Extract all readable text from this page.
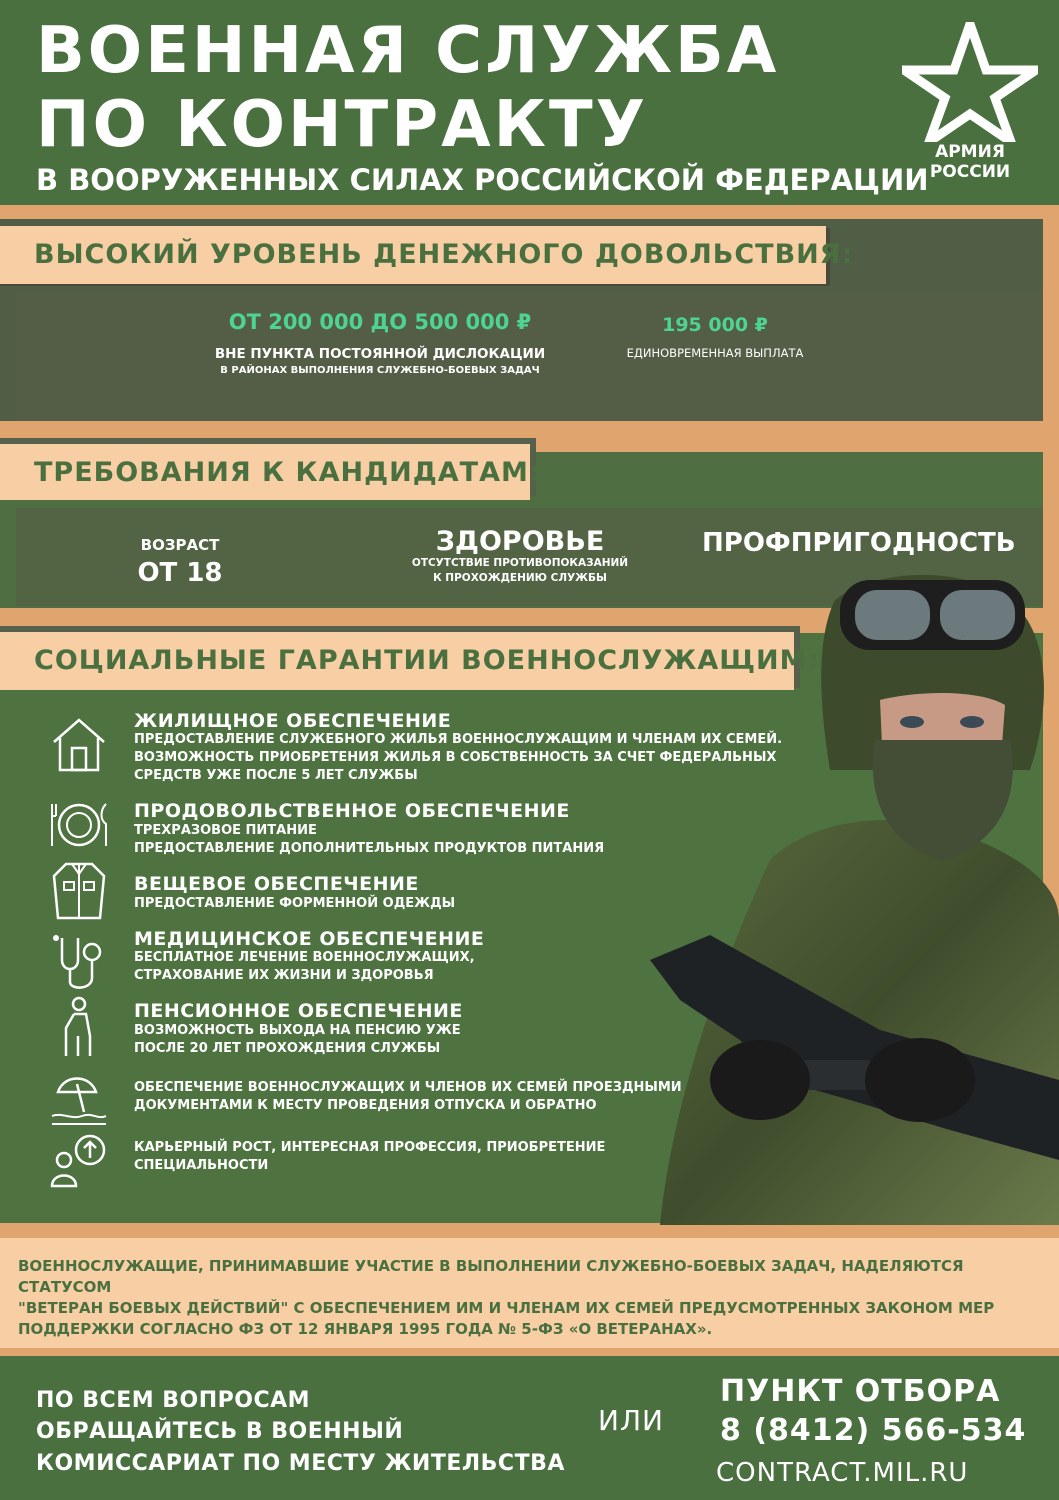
ВОЕННАЯ СЛУЖБА
ПО КОНТРАКТУ
В ВООРУЖЕННЫХ СИЛАХ РОССИЙСКОЙ ФЕДЕРАЦИИ
АРМИЯ
РОССИИ
ВЫСОКИЙ УРОВЕНЬ ДЕНЕЖНОГО ДОВОЛЬСТВИЯ:
ОТ 200 000 ДО 500 000 ₽
ВНЕ ПУНКТА ПОСТОЯННОЙ ДИСЛОКАЦИИ
В РАЙОНАХ ВЫПОЛНЕНИЯ СЛУЖЕБНО-БОЕВЫХ ЗАДАЧ
195 000 ₽
ЕДИНОВРЕМЕННАЯ ВЫПЛАТА
ТРЕБОВАНИЯ К КАНДИДАТАМ:
ВОЗРАСТ
ОТ 18
ЗДОРОВЬЕ
ОТСУТСТВИЕ ПРОТИВОПОКАЗАНИЙ
К ПРОХОЖДЕНИЮ СЛУЖБЫ
ПРОФПРИГОДНОСТЬ
СОЦИАЛЬНЫЕ ГАРАНТИИ ВОЕННОСЛУЖАЩИМ:
ЖИЛИЩНОЕ ОБЕСПЕЧЕНИЕ
ПРЕДОСТАВЛЕНИЕ СЛУЖЕБНОГО ЖИЛЬЯ ВОЕННОСЛУЖАЩИМ И ЧЛЕНАМ ИХ СЕМЕЙ.
ВОЗМОЖНОСТЬ ПРИОБРЕТЕНИЯ ЖИЛЬЯ В СОБСТВЕННОСТЬ ЗА СЧЕТ ФЕДЕРАЛЬНЫХ
СРЕДСТВ УЖЕ ПОСЛЕ 5 ЛЕТ СЛУЖБЫ
ПРОДОВОЛЬСТВЕННОЕ ОБЕСПЕЧЕНИЕ
ТРЕХРАЗОВОЕ ПИТАНИЕ
ПРЕДОСТАВЛЕНИЕ ДОПОЛНИТЕЛЬНЫХ ПРОДУКТОВ ПИТАНИЯ
ВЕЩЕВОЕ ОБЕСПЕЧЕНИЕ
ПРЕДОСТАВЛЕНИЕ ФОРМЕННОЙ ОДЕЖДЫ
МЕДИЦИНСКОЕ ОБЕСПЕЧЕНИЕ
БЕСПЛАТНОЕ ЛЕЧЕНИЕ ВОЕННОСЛУЖАЩИХ,
СТРАХОВАНИЕ ИХ ЖИЗНИ И ЗДОРОВЬЯ
ПЕНСИОННОЕ ОБЕСПЕЧЕНИЕ
ВОЗМОЖНОСТЬ ВЫХОДА НА ПЕНСИЮ УЖЕ
ПОСЛЕ 20 ЛЕТ ПРОХОЖДЕНИЯ СЛУЖБЫ
ОБЕСПЕЧЕНИЕ ВОЕННОСЛУЖАЩИХ И ЧЛЕНОВ ИХ СЕМЕЙ ПРОЕЗДНЫМИ
ДОКУМЕНТАМИ К МЕСТУ ПРОВЕДЕНИЯ ОТПУСКА И ОБРАТНО
КАРЬЕРНЫЙ РОСТ, ИНТЕРЕСНАЯ ПРОФЕССИЯ, ПРИОБРЕТЕНИЕ
СПЕЦИАЛЬНОСТИ

ВОЕННОСЛУЖАЩИЕ, ПРИНИМАВШИЕ УЧАСТИЕ В ВЫПОЛНЕНИИ СЛУЖЕБНО-БОЕВЫХ ЗАДАЧ, НАДЕЛЯЮТСЯ СТАТУСОМ
"ВЕТЕРАН БОЕВЫХ ДЕЙСТВИЙ" С ОБЕСПЕЧЕНИЕМ ИМ И ЧЛЕНАМ ИХ СЕМЕЙ ПРЕДУСМОТРЕННЫХ ЗАКОНОМ МЕР
ПОДДЕРЖКИ СОГЛАСНО ФЗ ОТ 12 ЯНВАРЯ 1995 ГОДА № 5-ФЗ «О ВЕТЕРАНАХ».

ПО ВСЕМ ВОПРОСАМ
ОБРАЩАЙТЕСЬ В ВОЕННЫЙ
КОМИССАРИАТ ПО МЕСТУ ЖИТЕЛЬСТВА
ИЛИ
ПУНКТ ОТБОРА
8 (8412) 566-534
CONTRACT.MIL.RU
